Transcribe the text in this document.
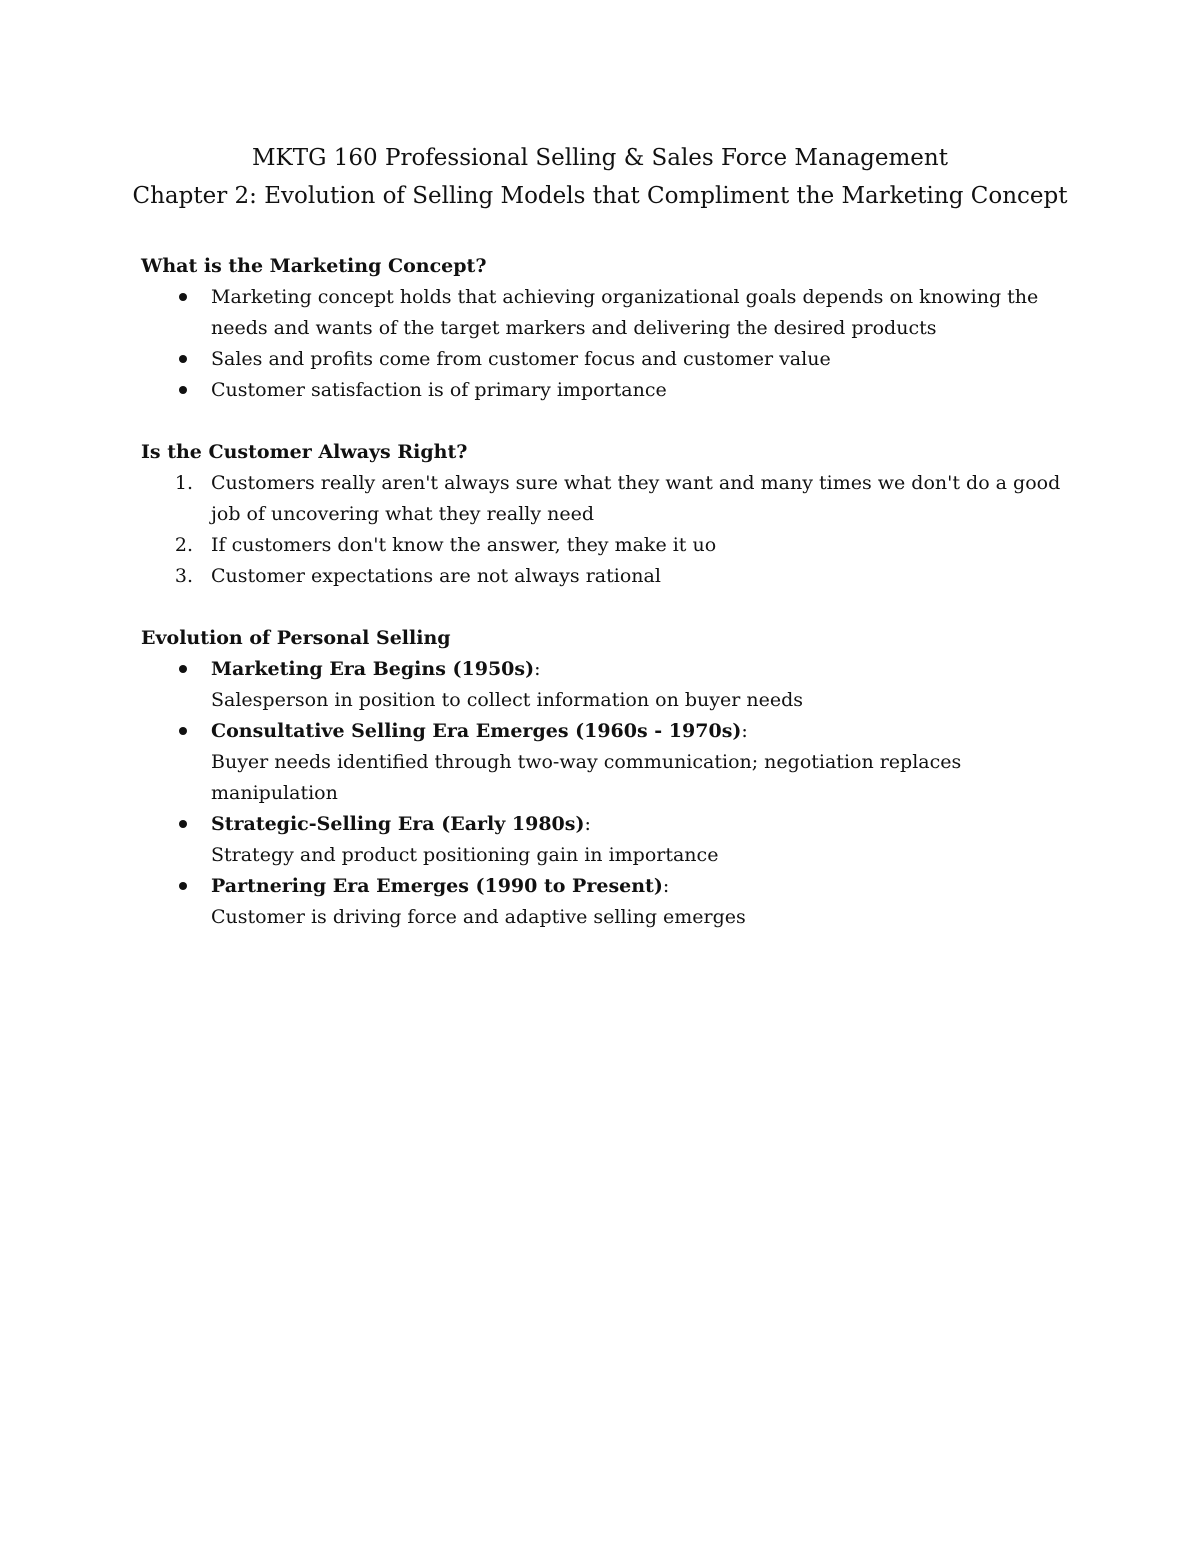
MKTG 160 Professional Selling & Sales Force Management
Chapter 2: Evolution of Selling Models that Compliment the Marketing Concept
What is the Marketing Concept?
Marketing concept holds that achieving organizational goals depends on knowing the
needs and wants of the target markers and delivering the desired products
Sales and profits come from customer focus and customer value
Customer satisfaction is of primary importance
Is the Customer Always Right?
1. Customers really aren't always sure what they want and many times we don't do a good
job of uncovering what they really need
2. If customers don't know the answer, they make it uo
3. Customer expectations are not always rational
Evolution of Personal Selling
Marketing Era Begins (1950s):
Salesperson in position to collect information on buyer needs
Consultative Selling Era Emerges (1960s - 1970s):
Buyer needs identified through two-way communication; negotiation replaces
manipulation
Strategic-Selling Era (Early 1980s):
Strategy and product positioning gain in importance
Partnering Era Emerges (1990 to Present):
Customer is driving force and adaptive selling emerges
